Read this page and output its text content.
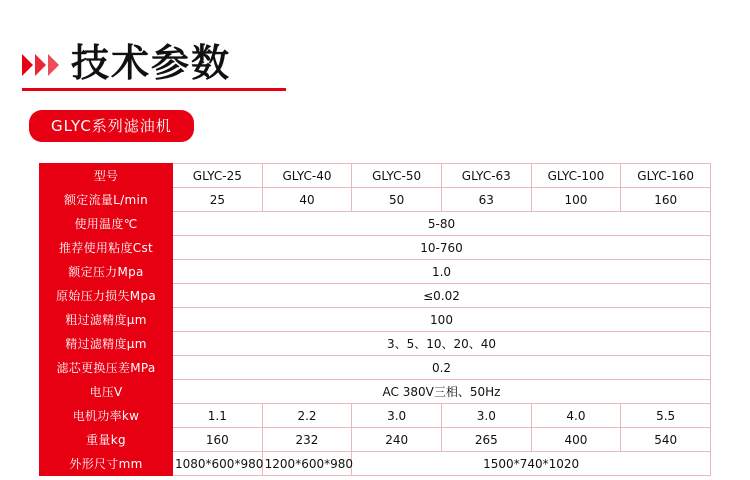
技术参数
GLYC系列滤油机
型号	GLYC-25	GLYC-40	GLYC-50	GLYC-63	GLYC-100	GLYC-160
额定流量L/min	25	40	50	63	100	160
使用温度℃	5-80					
推荐使用粘度Cst	10-760					
额定压力Mpa	1.0					
原始压力损失Mpa	≤0.02					
粗过滤精度μm	100					
精过滤精度μm	3、5、10、20、40					
滤芯更换压差MPa	0.2					
电压V	AC 380V三相、50Hz					
电机功率kw	1.1	2.2	3.0	3.0	4.0	5.5
重量kg	160	232	240	265	400	540
外形尺寸mm	1080*600*980	1200*600*980	1500*740*1020			
